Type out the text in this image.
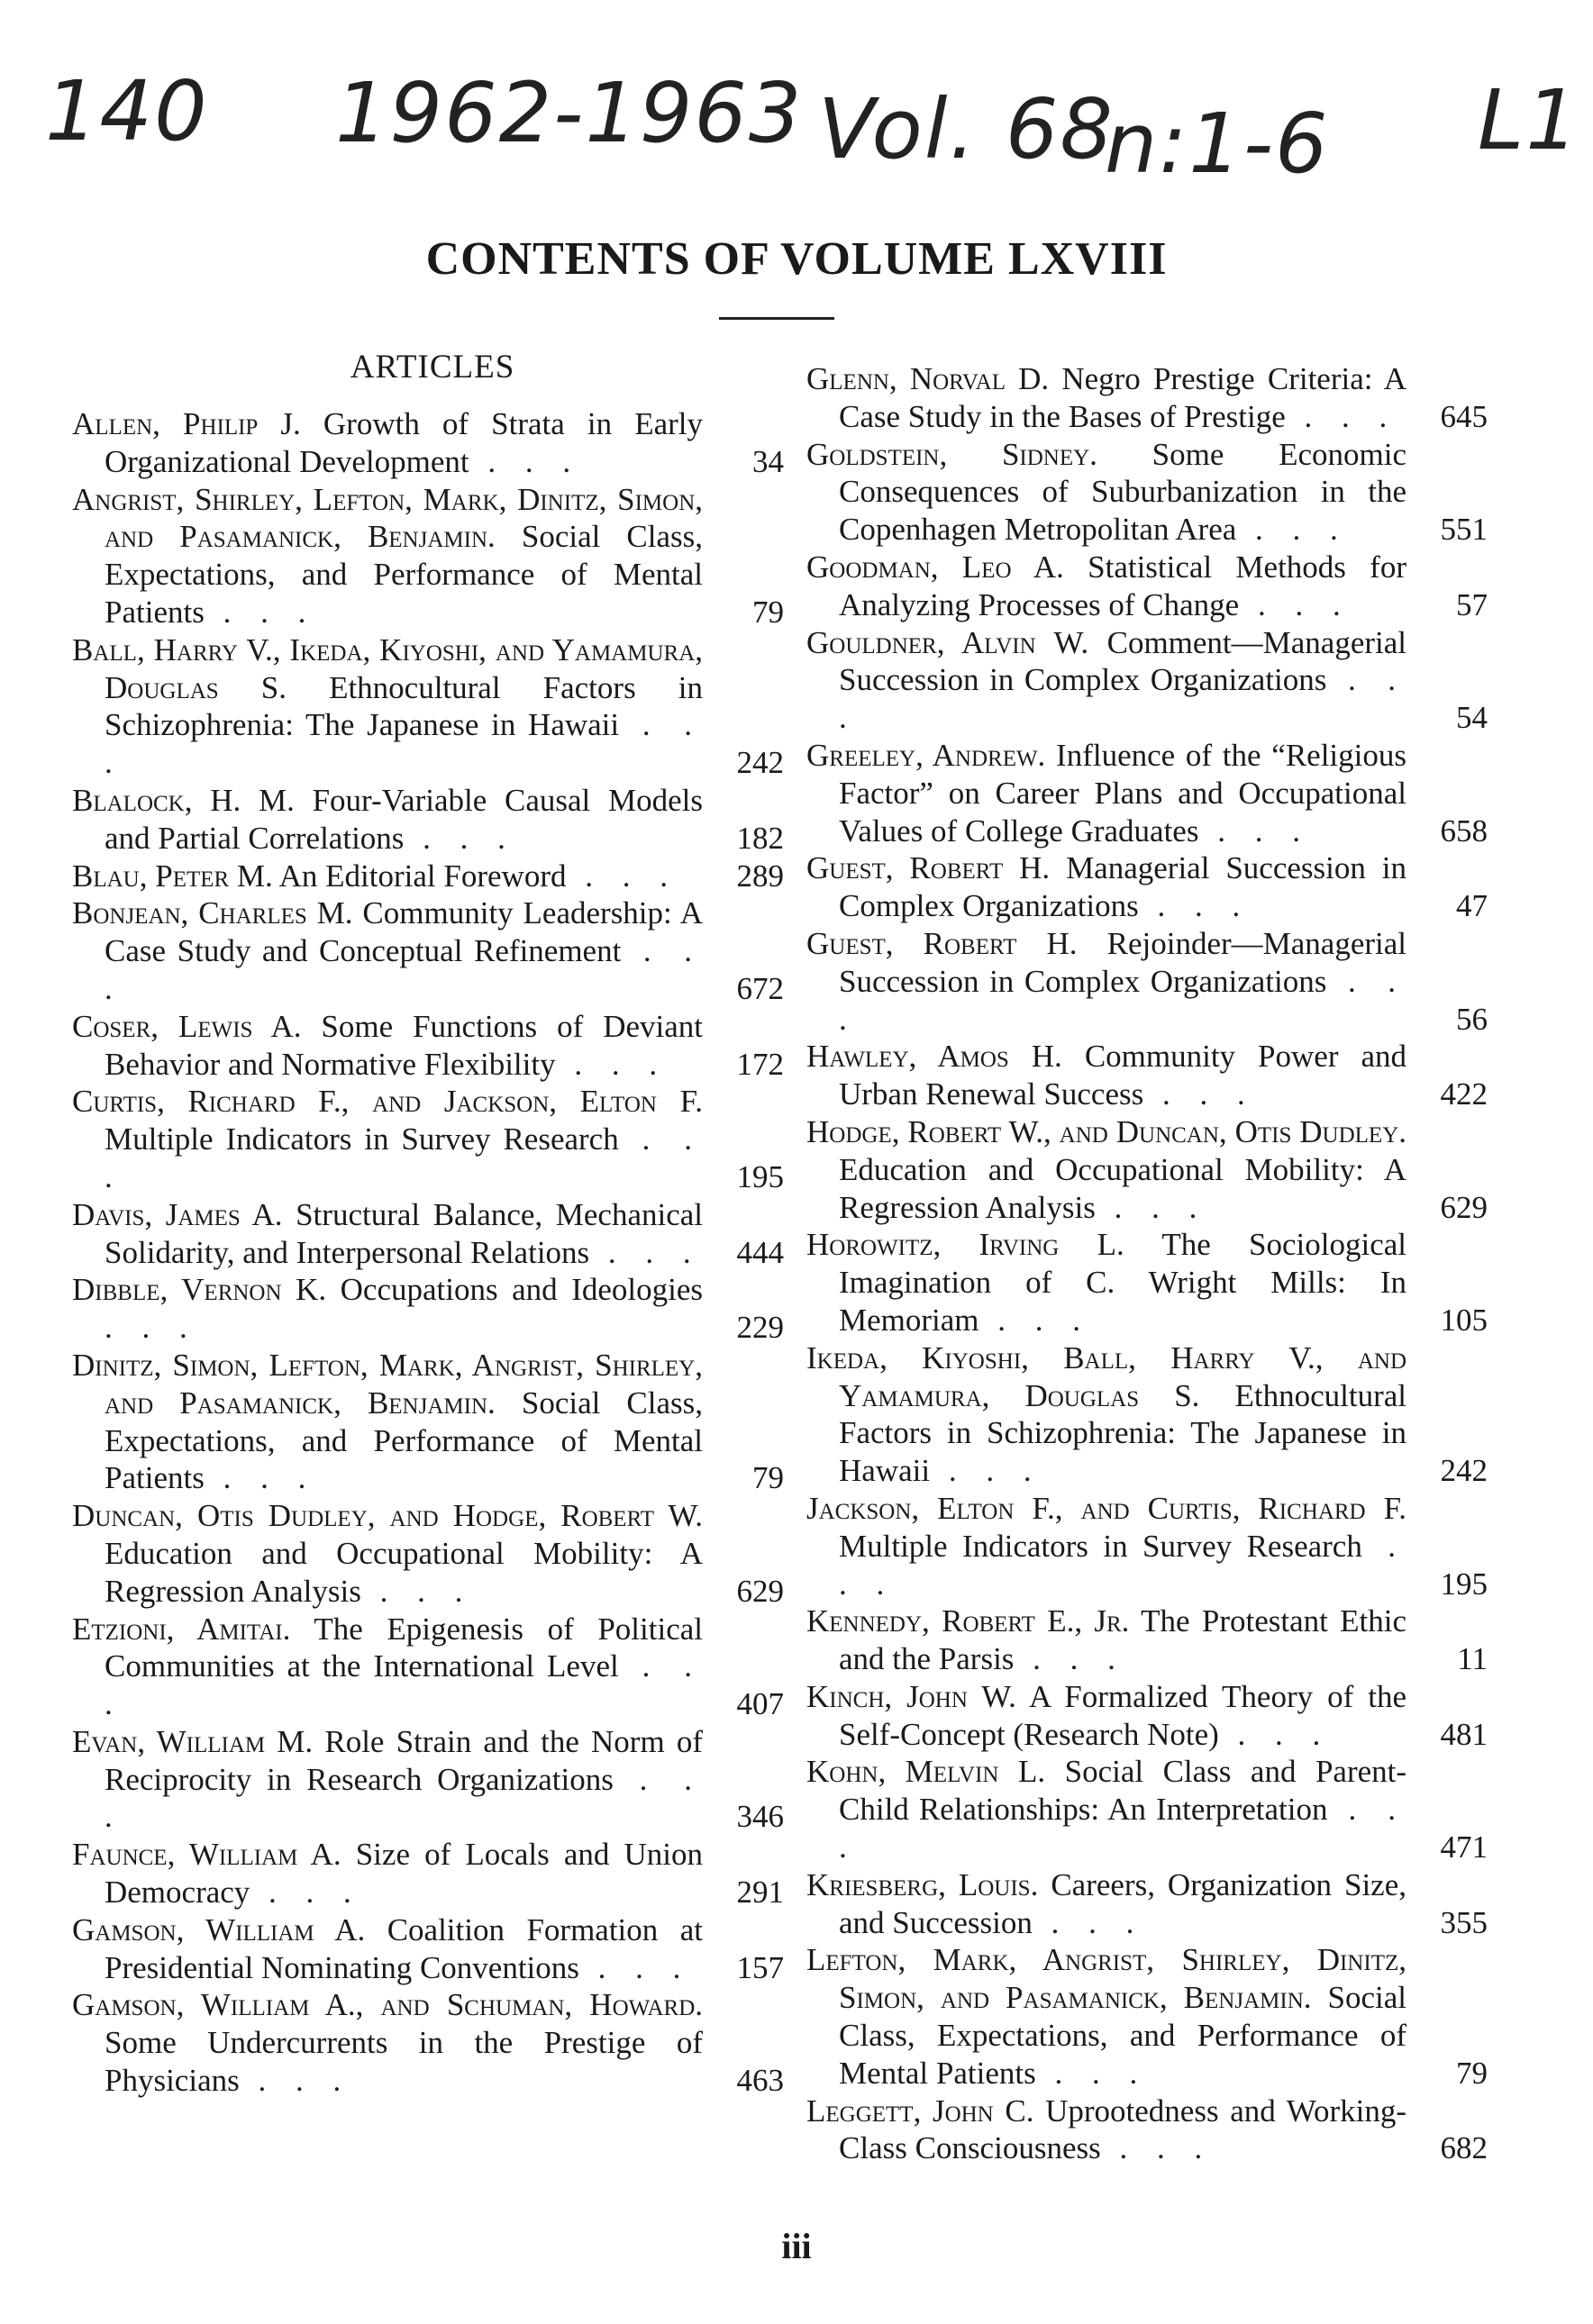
140 1962-1963 Vol. 68
n:1-6 L1
CONTENTS OF VOLUME LXVIII
ARTICLES
Allen, Philip J. Growth of Strata in Early Organizational Development . . .	34
Angrist, Shirley, Lefton, Mark, Dinitz, Simon, and Pasamanick, Benjamin. Social Class, Expectations, and Performance of Mental Patients . . .	79
Ball, Harry V., Ikeda, Kiyoshi, and Yamamura, Douglas S. Ethnocultural Factors in Schizophrenia: The Japanese in Hawaii . . .	242
Blalock, H. M. Four-Variable Causal Models and Partial Correlations . . .	182
Blau, Peter M. An Editorial Foreword . . .	289
Bonjean, Charles M. Community Leadership: A Case Study and Conceptual Refinement . . .	672
Coser, Lewis A. Some Functions of Deviant Behavior and Normative Flexibility . . .	172
Curtis, Richard F., and Jackson, Elton F. Multiple Indicators in Survey Research . . .	195
Davis, James A. Structural Balance, Mechanical Solidarity, and Interpersonal Relations . . .	444
Dibble, Vernon K. Occupations and Ideologies . . .	229
Dinitz, Simon, Lefton, Mark, Angrist, Shirley, and Pasamanick, Benjamin. Social Class, Expectations, and Performance of Mental Patients . . .	79
Duncan, Otis Dudley, and Hodge, Robert W. Education and Occupational Mobility: A Regression Analysis . . .	629
Etzioni, Amitai. The Epigenesis of Political Communities at the International Level . . .	407
Evan, William M. Role Strain and the Norm of Reciprocity in Research Organizations . . .	346
Faunce, William A. Size of Locals and Union Democracy . . .	291
Gamson, William A. Coalition Formation at Presidential Nominating Conventions . . .	157
Gamson, William A., and Schuman, Howard. Some Undercurrents in the Prestige of Physicians . . .	463
Glenn, Norval D. Negro Prestige Criteria: A Case Study in the Bases of Prestige . . .	645
Goldstein, Sidney. Some Economic Consequences of Suburbanization in the Copenhagen Metropolitan Area . . .	551
Goodman, Leo A. Statistical Methods for Analyzing Processes of Change . . .	57
Gouldner, Alvin W. Comment—Managerial Succession in Complex Organizations . . .	54
Greeley, Andrew. Influence of the “Religious Factor” on Career Plans and Occupational Values of College Graduates . . .	658
Guest, Robert H. Managerial Succession in Complex Organizations . . .	47
Guest, Robert H. Rejoinder—Managerial Succession in Complex Organizations . . .	56
Hawley, Amos H. Community Power and Urban Renewal Success . . .	422
Hodge, Robert W., and Duncan, Otis Dudley. Education and Occupational Mobility: A Regression Analysis . . .	629
Horowitz, Irving L. The Sociological Imagination of C. Wright Mills: In Memoriam . . .	105
Ikeda, Kiyoshi, Ball, Harry V., and Yamamura, Douglas S. Ethnocultural Factors in Schizophrenia: The Japanese in Hawaii . . .	242
Jackson, Elton F., and Curtis, Richard F. Multiple Indicators in Survey Research . . .	195
Kennedy, Robert E., Jr. The Protestant Ethic and the Parsis . . .	11
Kinch, John W. A Formalized Theory of the Self-Concept (Research Note) . . .	481
Kohn, Melvin L. Social Class and Parent-Child Relationships: An Interpretation . . .	471
Kriesberg, Louis. Careers, Organization Size, and Succession . . .	355
Lefton, Mark, Angrist, Shirley, Dinitz, Simon, and Pasamanick, Benjamin. Social Class, Expectations, and Performance of Mental Patients . . .	79
Leggett, John C. Uprootedness and Working-Class Consciousness . . .	682
iii
